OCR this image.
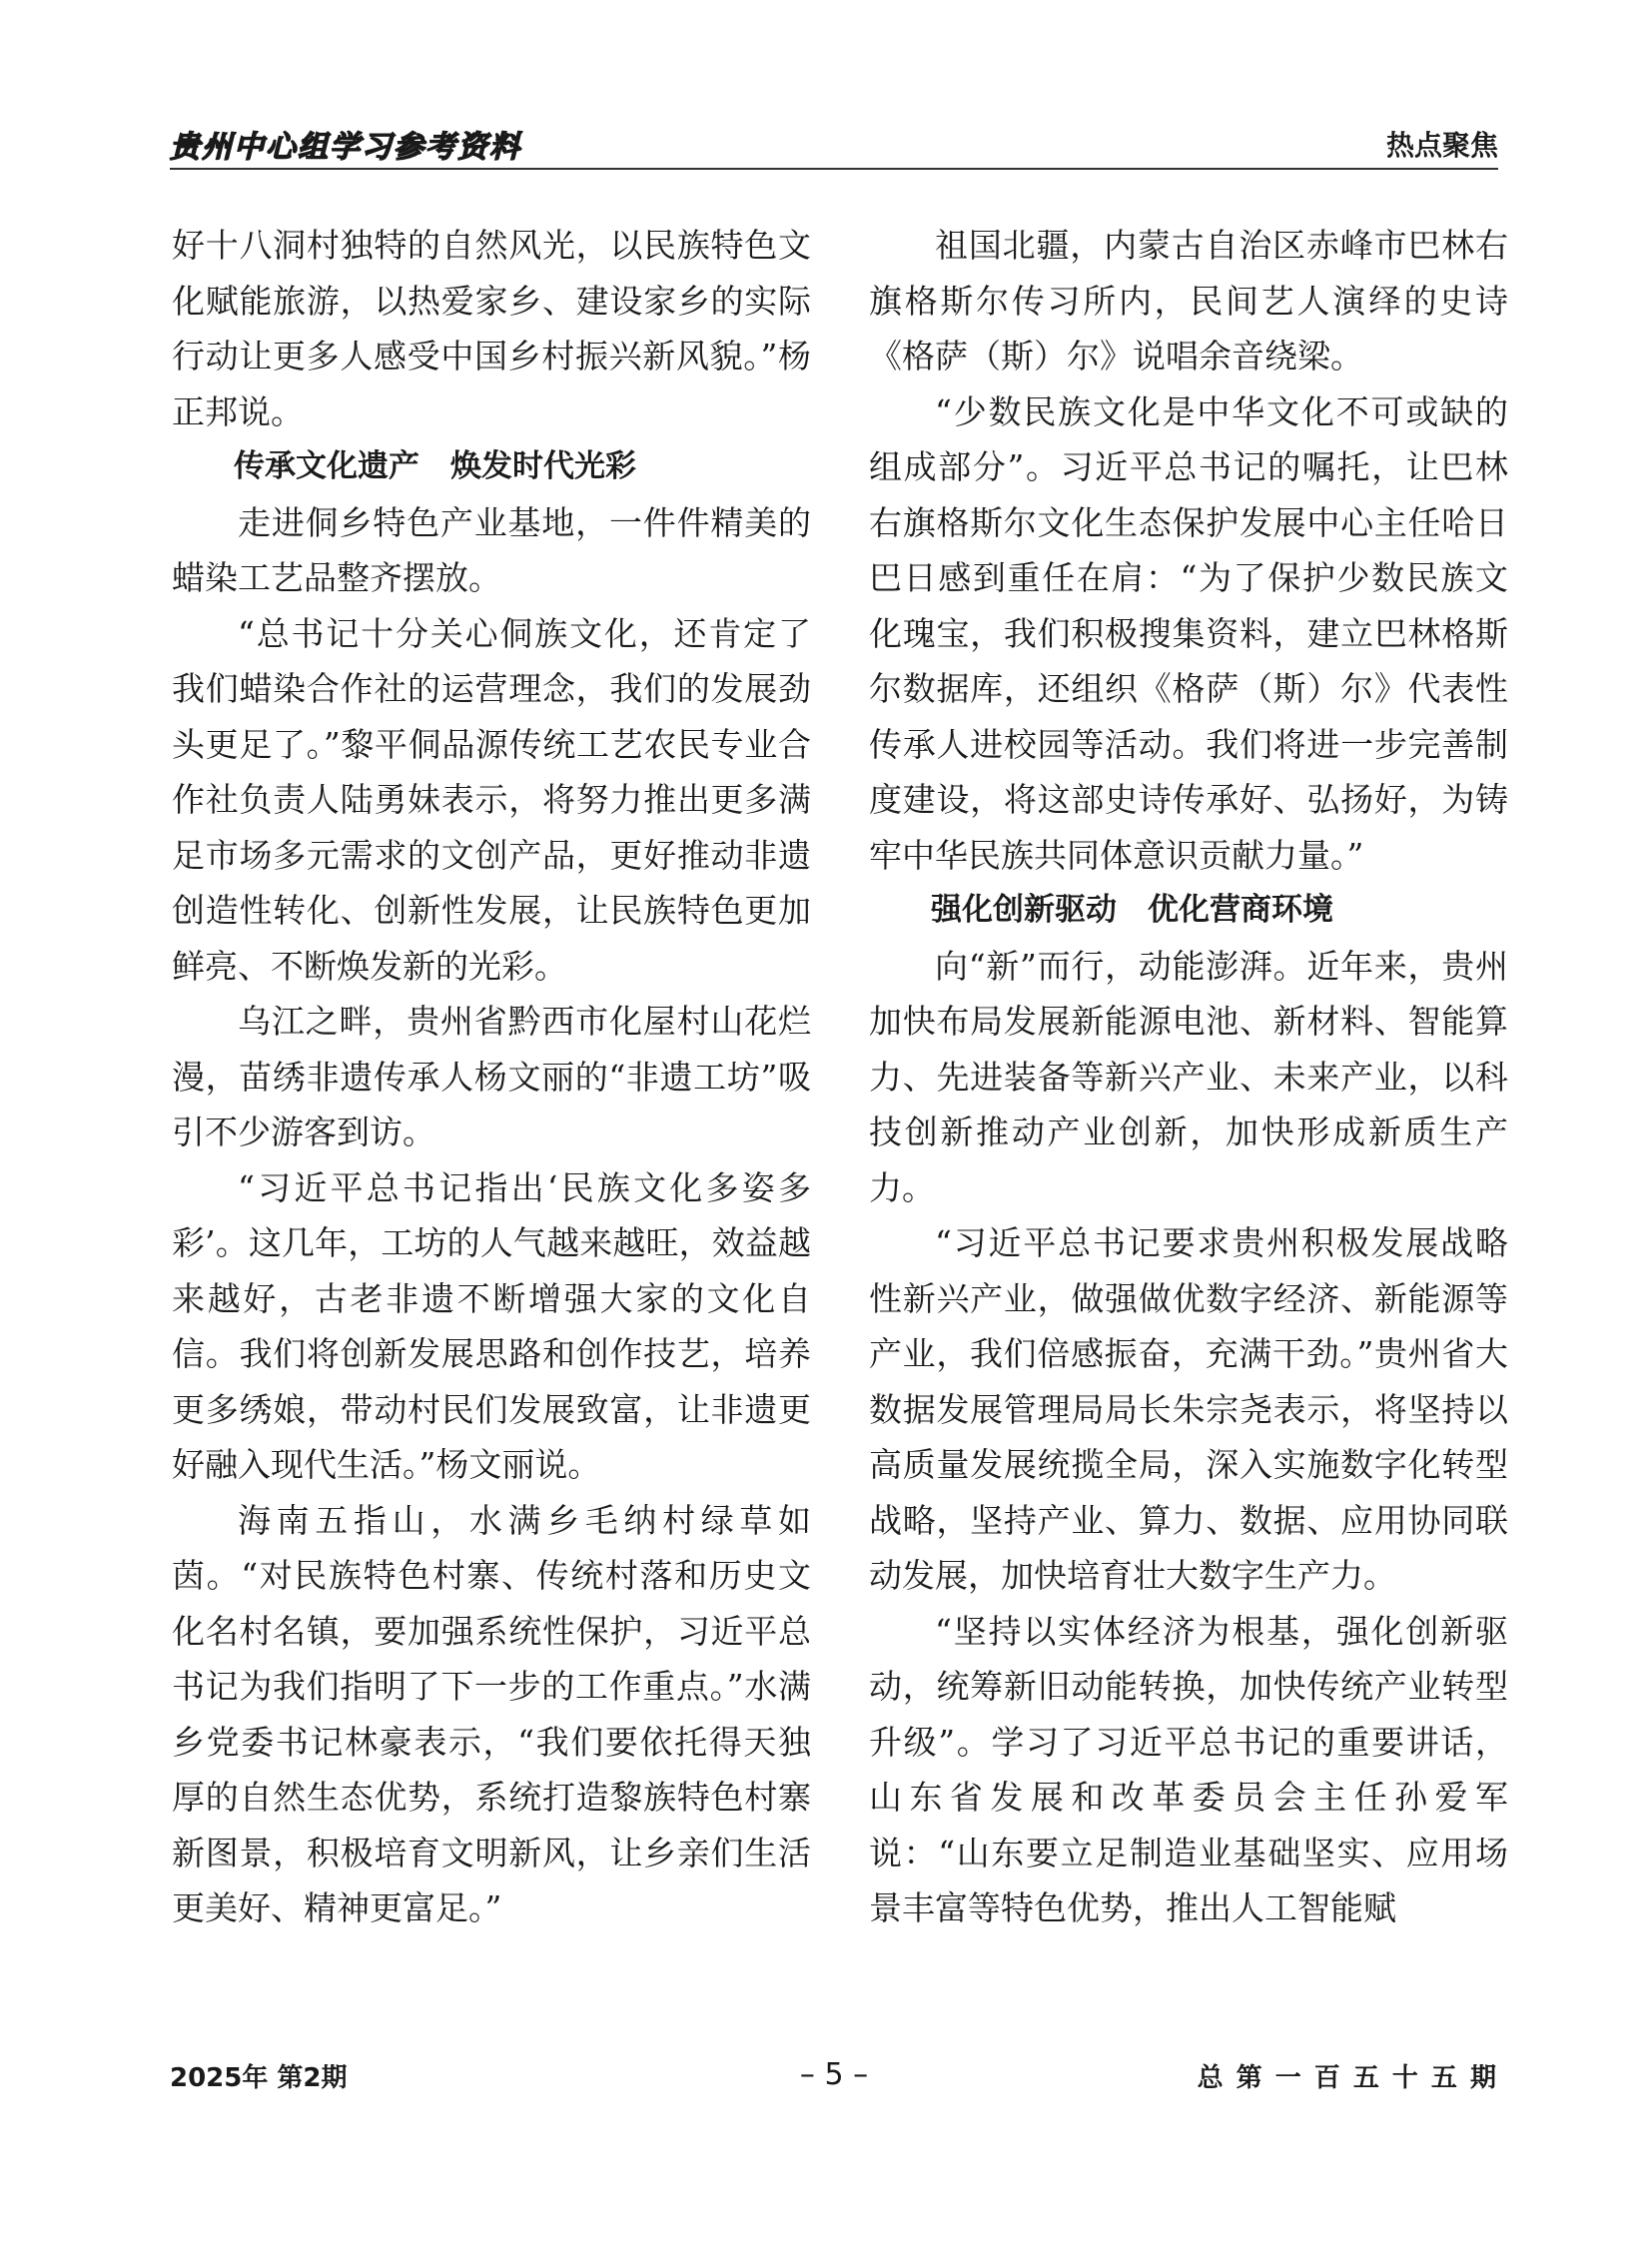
贵州中心组学习参考资料	热点聚焦

好十八洞村独特的自然风光，以民族特色文化赋能旅游，以热爱家乡、建设家乡的实际行动让更多人感受中国乡村振兴新风貌。”杨正邦说。

传承文化遗产　焕发时代光彩

走进侗乡特色产业基地，一件件精美的蜡染工艺品整齐摆放。

“总书记十分关心侗族文化，还肯定了我们蜡染合作社的运营理念，我们的发展劲头更足了。”黎平侗品源传统工艺农民专业合作社负责人陆勇妹表示，将努力推出更多满足市场多元需求的文创产品，更好推动非遗创造性转化、创新性发展，让民族特色更加鲜亮、不断焕发新的光彩。

乌江之畔，贵州省黔西市化屋村山花烂漫，苗绣非遗传承人杨文丽的“非遗工坊”吸引不少游客到访。

“习近平总书记指出‘民族文化多姿多彩’。这几年，工坊的人气越来越旺，效益越来越好，古老非遗不断增强大家的文化自信。我们将创新发展思路和创作技艺，培养更多绣娘，带动村民们发展致富，让非遗更好融入现代生活。”杨文丽说。

海南五指山，水满乡毛纳村绿草如茵。“对民族特色村寨、传统村落和历史文化名村名镇，要加强系统性保护，习近平总书记为我们指明了下一步的工作重点。”水满乡党委书记林豪表示，“我们要依托得天独厚的自然生态优势，系统打造黎族特色村寨新图景，积极培育文明新风，让乡亲们生活更美好、精神更富足。”

祖国北疆，内蒙古自治区赤峰市巴林右旗格斯尔传习所内，民间艺人演绎的史诗《格萨（斯）尔》说唱余音绕梁。

“少数民族文化是中华文化不可或缺的组成部分”。习近平总书记的嘱托，让巴林右旗格斯尔文化生态保护发展中心主任哈日巴日感到重任在肩：“为了保护少数民族文化瑰宝，我们积极搜集资料，建立巴林格斯尔数据库，还组织《格萨（斯）尔》代表性传承人进校园等活动。我们将进一步完善制度建设，将这部史诗传承好、弘扬好，为铸牢中华民族共同体意识贡献力量。”

强化创新驱动　优化营商环境

向“新”而行，动能澎湃。近年来，贵州加快布局发展新能源电池、新材料、智能算力、先进装备等新兴产业、未来产业，以科技创新推动产业创新，加快形成新质生产力。

“习近平总书记要求贵州积极发展战略性新兴产业，做强做优数字经济、新能源等产业，我们倍感振奋，充满干劲。”贵州省大数据发展管理局局长朱宗尧表示，将坚持以高质量发展统揽全局，深入实施数字化转型战略，坚持产业、算力、数据、应用协同联动发展，加快培育壮大数字生产力。

“坚持以实体经济为根基，强化创新驱动，统筹新旧动能转换，加快传统产业转型升级”。学习了习近平总书记的重要讲话，山东省发展和改革委员会主任孙爱军说：“山东要立足制造业基础坚实、应用场景丰富等特色优势，推出人工智能赋

2025年 第2期	– 5 –	总 第 一 百 五 十 五 期
